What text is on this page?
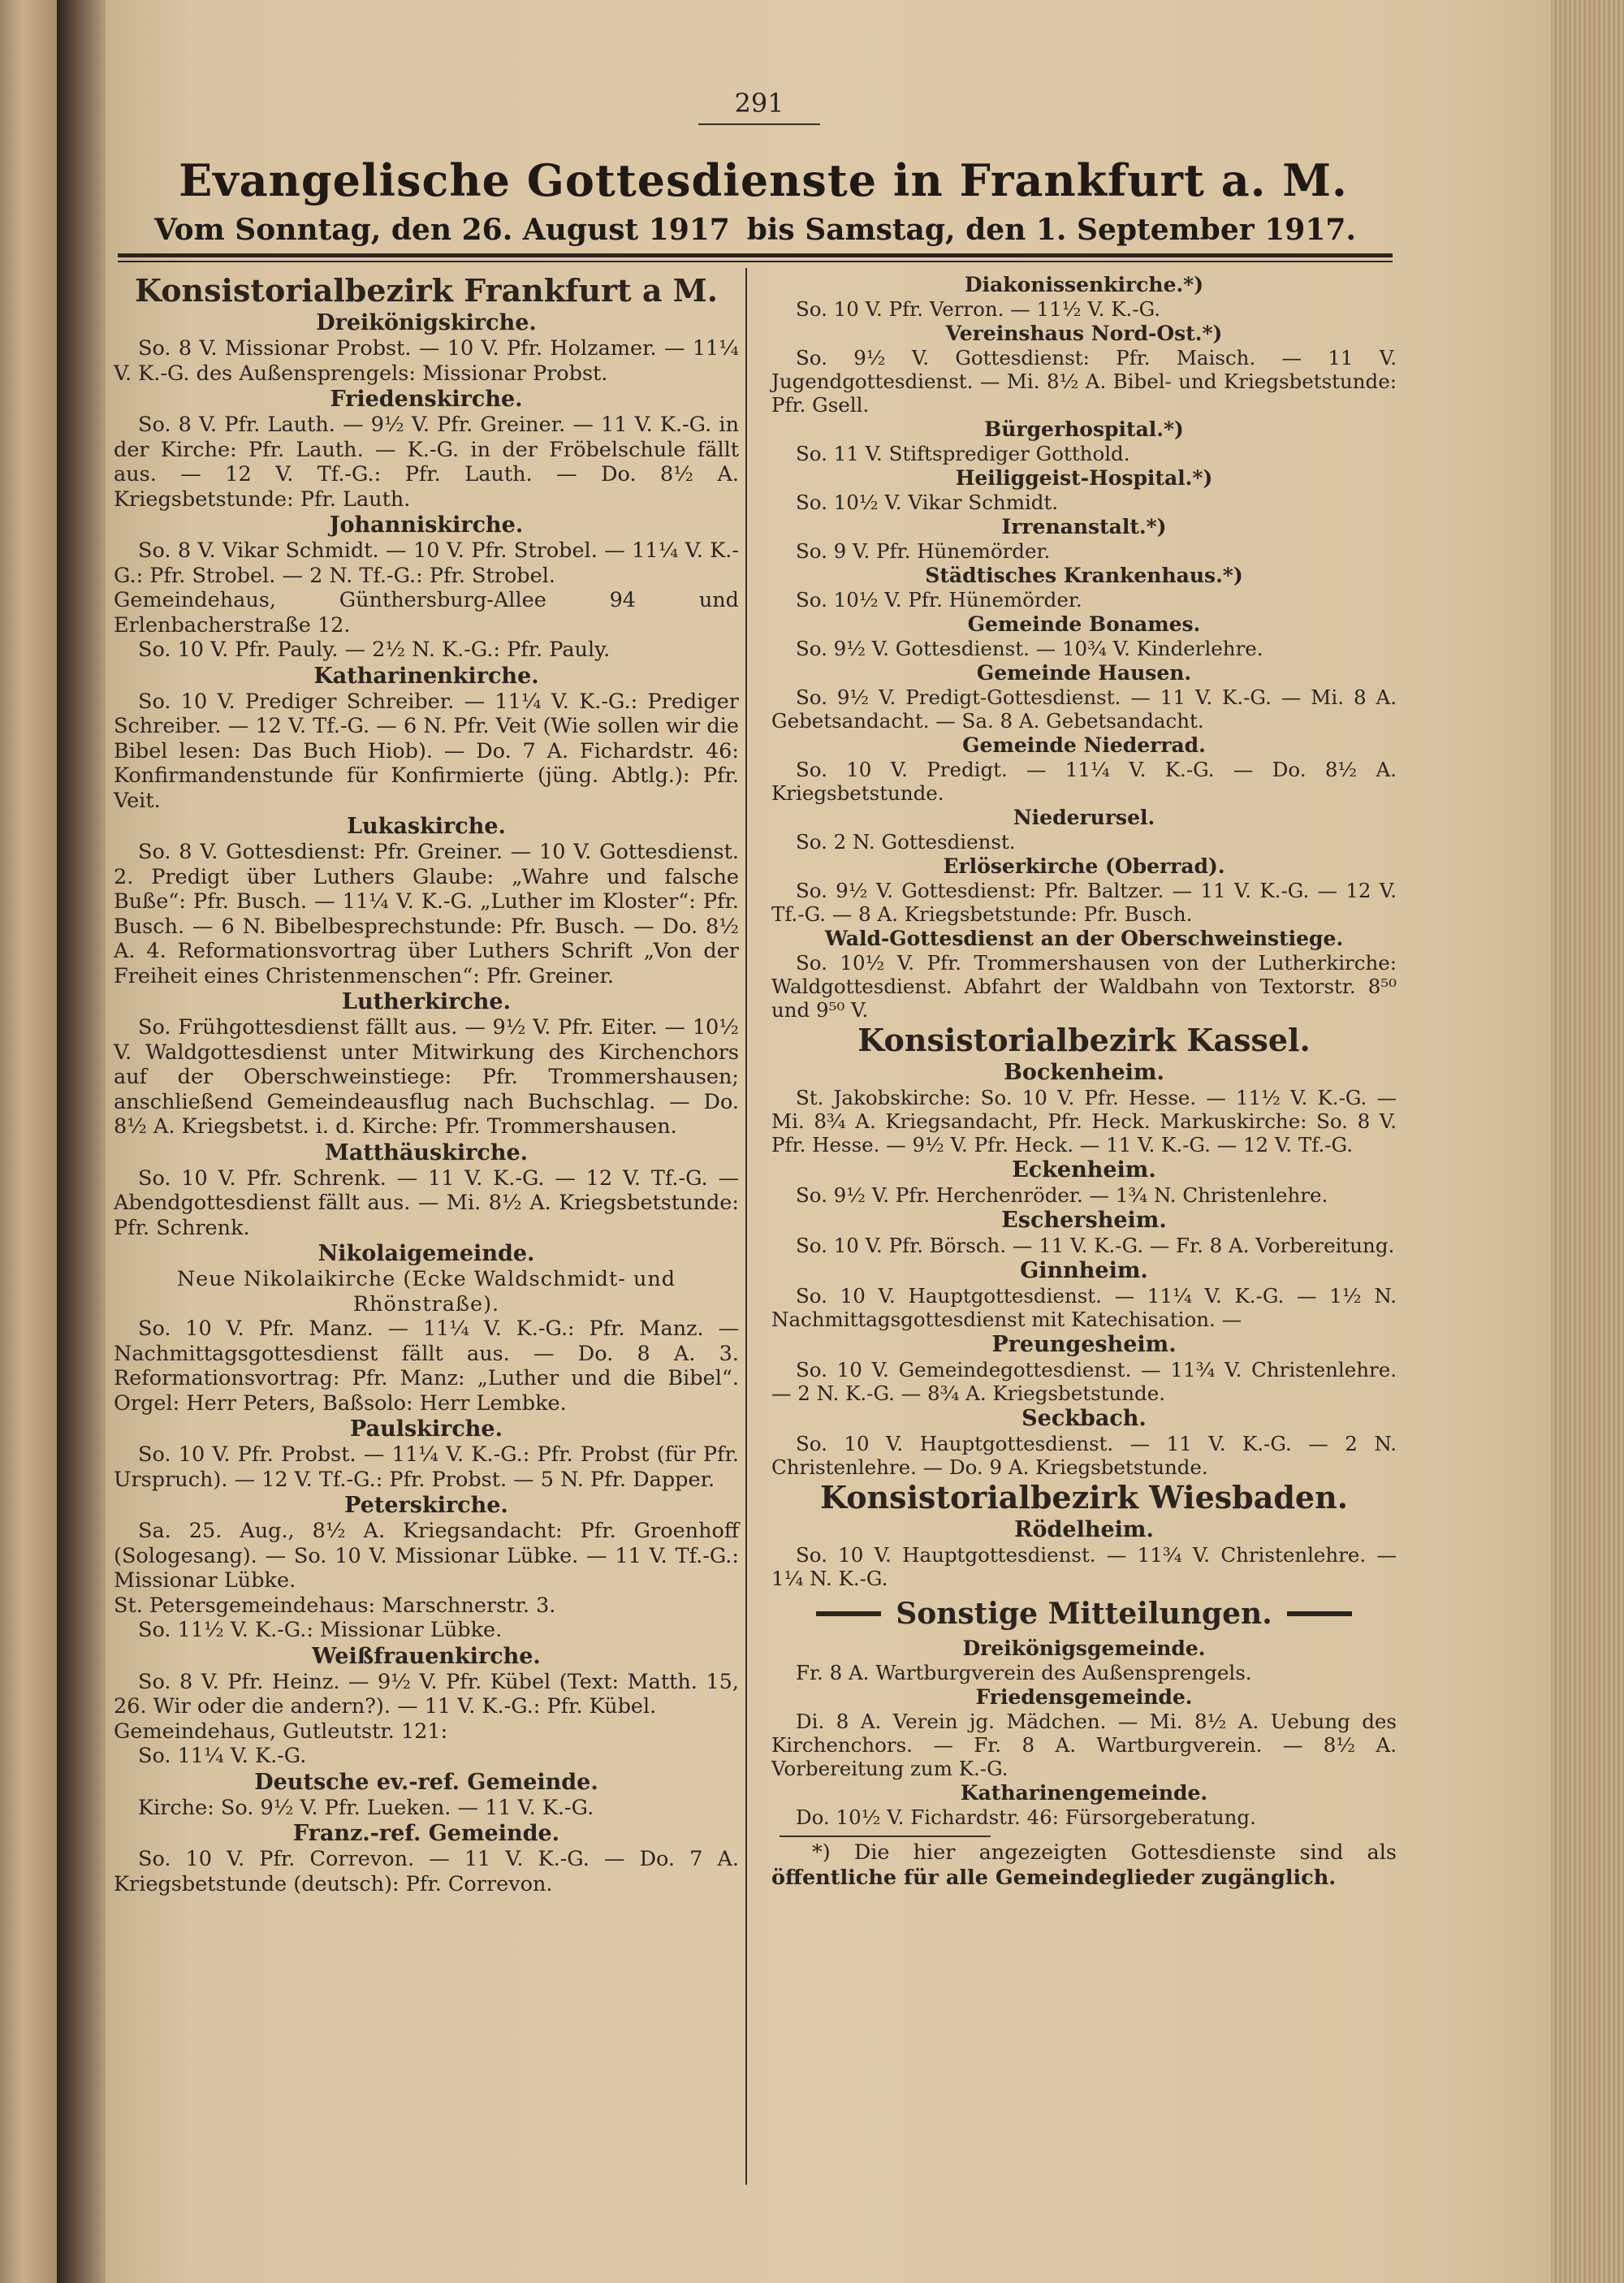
291
Evangelische Gottesdienste in Frankfurt a. M.
Vom Sonntag, den 26. August 1917 bis Samstag, den 1. September 1917.

Konsistorialbezirk Frankfurt a M.

Dreikönigskirche.

So. 8 V. Missionar Probst. — 10 V. Pfr. Holzamer. — 11¼ V. K.-G. des Außensprengels: Missionar Probst.

Friedenskirche.

So. 8 V. Pfr. Lauth. — 9½ V. Pfr. Greiner. — 11 V. K.-G. in der Kirche: Pfr. Lauth. — K.-G. in der Fröbelschule fällt aus. — 12 V. Tf.-G.: Pfr. Lauth. — Do. 8½ A. Kriegsbetstunde: Pfr. Lauth.

Johanniskirche.

So. 8 V. Vikar Schmidt. — 10 V. Pfr. Strobel. — 11¼ V. K.-G.: Pfr. Strobel. — 2 N. Tf.-G.: Pfr. Strobel.

Gemeindehaus, Günthersburg-Allee 94 und Erlenbacherstraße 12.

So. 10 V. Pfr. Pauly. — 2½ N. K.-G.: Pfr. Pauly.

Katharinenkirche.

So. 10 V. Prediger Schreiber. — 11¼ V. K.-G.: Prediger Schreiber. — 12 V. Tf.-G. — 6 N. Pfr. Veit (Wie sollen wir die Bibel lesen: Das Buch Hiob). — Do. 7 A. Fichardstr. 46: Konfirmandenstunde für Konfirmierte (jüng. Abtlg.): Pfr. Veit.

Lukaskirche.

So. 8 V. Gottesdienst: Pfr. Greiner. — 10 V. Gottesdienst. 2. Predigt über Luthers Glaube: „Wahre und falsche Buße“: Pfr. Busch. — 11¼ V. K.-G. „Luther im Kloster“: Pfr. Busch. — 6 N. Bibelbesprechstunde: Pfr. Busch. — Do. 8½ A. 4. Reformationsvortrag über Luthers Schrift „Von der Freiheit eines Christenmenschen“: Pfr. Greiner.

Lutherkirche.

So. Frühgottesdienst fällt aus. — 9½ V. Pfr. Eiter. — 10½ V. Waldgottesdienst unter Mitwirkung des Kirchenchors auf der Oberschweinstiege: Pfr. Trommershausen; anschließend Gemeindeausflug nach Buchschlag. — Do. 8½ A. Kriegsbetst. i. d. Kirche: Pfr. Trommershausen.

Matthäuskirche.

So. 10 V. Pfr. Schrenk. — 11 V. K.-G. — 12 V. Tf.-G. — Abendgottesdienst fällt aus. — Mi. 8½ A. Kriegsbetstunde: Pfr. Schrenk.

Nikolaigemeinde.

Neue Nikolaikirche (Ecke Waldschmidt- und Rhönstraße).

So. 10 V. Pfr. Manz. — 11¼ V. K.-G.: Pfr. Manz. — Nachmittagsgottesdienst fällt aus. — Do. 8 A. 3. Reformationsvortrag: Pfr. Manz: „Luther und die Bibel“. Orgel: Herr Peters, Baßsolo: Herr Lembke.

Paulskirche.

So. 10 V. Pfr. Probst. — 11¼ V. K.-G.: Pfr. Probst (für Pfr. Urspruch). — 12 V. Tf.-G.: Pfr. Probst. — 5 N. Pfr. Dapper.

Peterskirche.

Sa. 25. Aug., 8½ A. Kriegsandacht: Pfr. Groenhoff (Sologesang). — So. 10 V. Missionar Lübke. — 11 V. Tf.-G.: Missionar Lübke.

St. Petersgemeindehaus: Marschnerstr. 3.

So. 11½ V. K.-G.: Missionar Lübke.

Weißfrauenkirche.

So. 8 V. Pfr. Heinz. — 9½ V. Pfr. Kübel (Text: Matth. 15, 26. Wir oder die andern?). — 11 V. K.-G.: Pfr. Kübel.

Gemeindehaus, Gutleutstr. 121:

So. 11¼ V. K.-G.

Deutsche ev.-ref. Gemeinde.

Kirche: So. 9½ V. Pfr. Lueken. — 11 V. K.-G.

Franz.-ref. Gemeinde.

So. 10 V. Pfr. Correvon. — 11 V. K.-G. — Do. 7 A. Kriegsbetstunde (deutsch): Pfr. Correvon.

Diakonissenkirche.*)

So. 10 V. Pfr. Verron. — 11½ V. K.-G.

Vereinshaus Nord-Ost.*)

So. 9½ V. Gottesdienst: Pfr. Maisch. — 11 V. Jugendgottesdienst. — Mi. 8½ A. Bibel- und Kriegsbetstunde: Pfr. Gsell.

Bürgerhospital.*)

So. 11 V. Stiftsprediger Gotthold.

Heiliggeist-Hospital.*)

So. 10½ V. Vikar Schmidt.

Irrenanstalt.*)

So. 9 V. Pfr. Hünemörder.

Städtisches Krankenhaus.*)

So. 10½ V. Pfr. Hünemörder.

Gemeinde Bonames.

So. 9½ V. Gottesdienst. — 10¾ V. Kinderlehre.

Gemeinde Hausen.

So. 9½ V. Predigt-Gottesdienst. — 11 V. K.-G. — Mi. 8 A. Gebetsandacht. — Sa. 8 A. Gebetsandacht.

Gemeinde Niederrad.

So. 10 V. Predigt. — 11¼ V. K.-G. — Do. 8½ A. Kriegsbetstunde.

Niederursel.

So. 2 N. Gottesdienst.

Erlöserkirche (Oberrad).

So. 9½ V. Gottesdienst: Pfr. Baltzer. — 11 V. K.-G. — 12 V. Tf.-G. — 8 A. Kriegsbetstunde: Pfr. Busch.

Wald-Gottesdienst an der Oberschweinstiege.

So. 10½ V. Pfr. Trommershausen von der Lutherkirche: Waldgottesdienst. Abfahrt der Waldbahn von Textorstr. 8⁵⁰ und 9⁵⁰ V.

Konsistorialbezirk Kassel.

Bockenheim.

St. Jakobskirche: So. 10 V. Pfr. Hesse. — 11½ V. K.-G. — Mi. 8¾ A. Kriegsandacht, Pfr. Heck. Markuskirche: So. 8 V. Pfr. Hesse. — 9½ V. Pfr. Heck. — 11 V. K.-G. — 12 V. Tf.-G.

Eckenheim.

So. 9½ V. Pfr. Herchenröder. — 1¾ N. Christenlehre.

Eschersheim.

So. 10 V. Pfr. Börsch. — 11 V. K.-G. — Fr. 8 A. Vorbereitung.

Ginnheim.

So. 10 V. Hauptgottesdienst. — 11¼ V. K.-G. — 1½ N. Nachmittagsgottesdienst mit Katechisation. —

Preungesheim.

So. 10 V. Gemeindegottesdienst. — 11¾ V. Christenlehre. — 2 N. K.-G. — 8¾ A. Kriegsbetstunde.

Seckbach.

So. 10 V. Hauptgottesdienst. — 11 V. K.-G. — 2 N. Christenlehre. — Do. 9 A. Kriegsbetstunde.

Konsistorialbezirk Wiesbaden.

Rödelheim.

So. 10 V. Hauptgottesdienst. — 11¾ V. Christenlehre. — 1¼ N. K.-G.

Sonstige Mitteilungen.

Dreikönigsgemeinde.

Fr. 8 A. Wartburgverein des Außensprengels.

Friedensgemeinde.

Di. 8 A. Verein jg. Mädchen. — Mi. 8½ A. Uebung des Kirchenchors. — Fr. 8 A. Wartburgverein. — 8½ A. Vorbereitung zum K.-G.

Katharinengemeinde.

Do. 10½ V. Fichardstr. 46: Fürsorgeberatung.

*) Die hier angezeigten Gottesdienste sind als öffentliche für alle Gemeindeglieder zugänglich.
